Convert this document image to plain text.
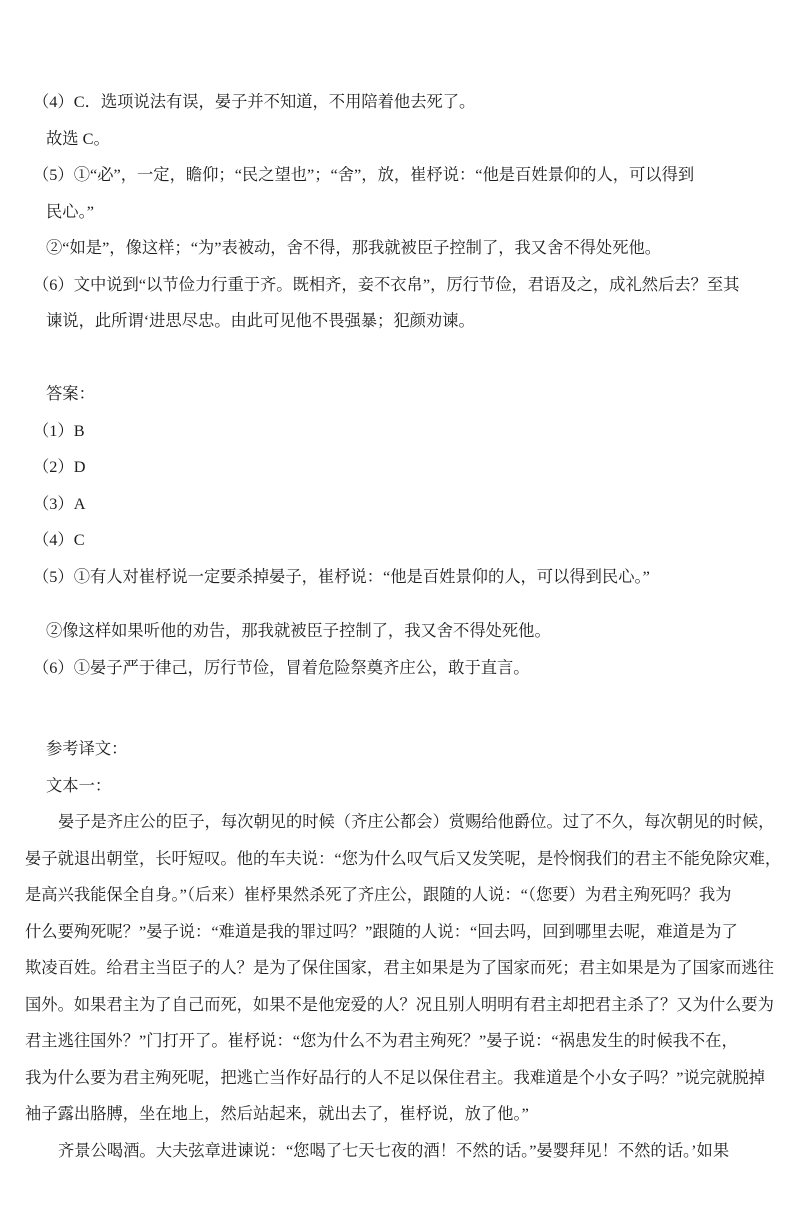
（4）C．选项说法有误，晏子并不知道，不用陪着他去死了。
故选 C。
（5）①“必”，一定，瞻仰；“民之望也”；“舍”，放，崔杼说：“他是百姓景仰的人，可以得到
民心。”
②“如是”，像这样；“为”表被动，舍不得，那我就被臣子控制了，我又舍不得处死他。
（6）文中说到“以节俭力行重于齐。既相齐，妾不衣帛”，厉行节俭，君语及之，成礼然后去？至其
谏说，此所谓‘进思尽忠。由此可见他不畏强暴；犯颜劝谏。
答案：
（1）B
（2）D
（3）A
（4）C
（5）①有人对崔杼说一定要杀掉晏子，崔杼说：“他是百姓景仰的人，可以得到民心。”
②像这样如果听他的劝告，那我就被臣子控制了，我又舍不得处死他。
（6）①晏子严于律己，厉行节俭，冒着危险祭奠齐庄公，敢于直言。
参考译文：
文本一：
晏子是齐庄公的臣子，每次朝见的时候（齐庄公都会）赏赐给他爵位。过了不久，每次朝见的时候，
晏子就退出朝堂，长吁短叹。他的车夫说：“您为什么叹气后又发笑呢，是怜悯我们的君主不能免除灾难，
是高兴我能保全自身。”（后来）崔杼果然杀死了齐庄公，跟随的人说：“（您要）为君主殉死吗？我为
什么要殉死呢？”晏子说：“难道是我的罪过吗？”跟随的人说：“回去吗，回到哪里去呢，难道是为了
欺凌百姓。给君主当臣子的人？是为了保住国家，君主如果是为了国家而死；君主如果是为了国家而逃往
国外。如果君主为了自己而死，如果不是他宠爱的人？况且别人明明有君主却把君主杀了？又为什么要为
君主逃往国外？”门打开了。崔杼说：“您为什么不为君主殉死？”晏子说：“祸患发生的时候我不在，
我为什么要为君主殉死呢，把逃亡当作好品行的人不足以保住君主。我难道是个小女子吗？”说完就脱掉
袖子露出胳膊，坐在地上，然后站起来，就出去了，崔杼说，放了他。”
齐景公喝酒。大夫弦章进谏说：“您喝了七天七夜的酒！不然的话。”晏婴拜见！不然的话。’如果
